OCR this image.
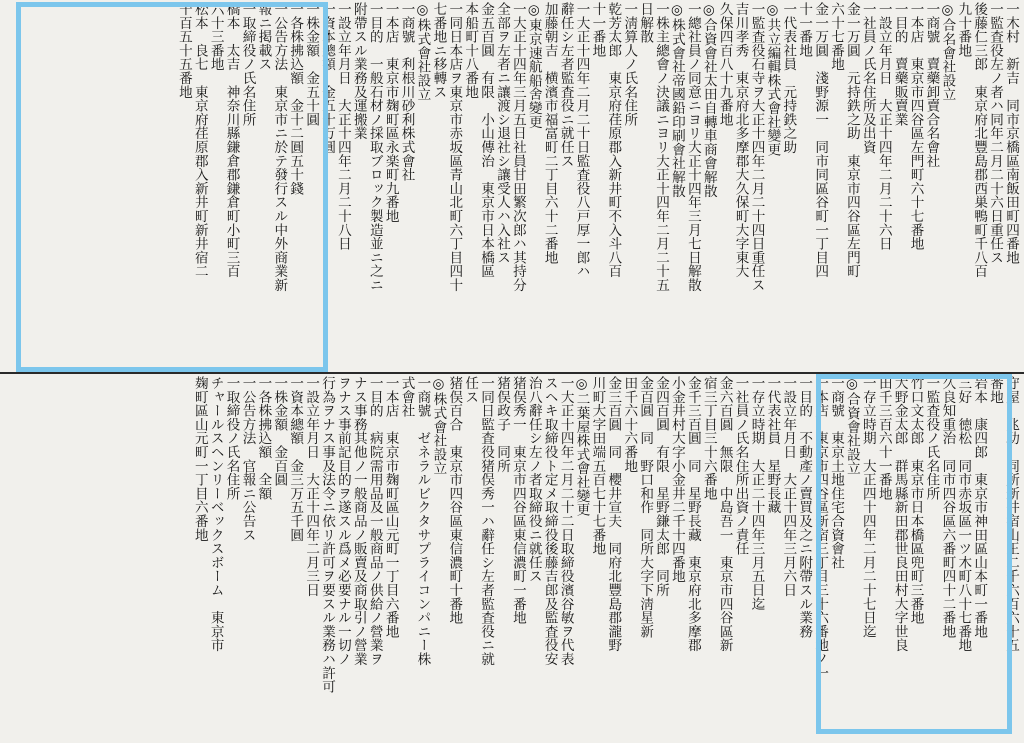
一木村　新吉　同市京橋區南飯田町四番地
一監査役左ノ者ハ同年二月二十六日重任ス
後藤仁三郎　東京府北豐島郡西巣鴨町千八百
九十番地
◎合名會社設立
一商號　賣藥卸賣合名會社
一本店　東京市四谷區左門町六十七番地
一目的　賣藥販賣業
一設立年月日　大正十四年二月二十六日
一社員ノ氏名住所及出資
金一万圓　元持鉄之助　東京市四谷區左門町
六十七番地
金一万圓　淺野源一　同市同區谷町一丁目四
十一番地
一代表社員　元持鉄之助
◎共立編輯株式會社變更
一監査役石寺ヲ大正十四年二月二十四日重任ス
吉川孝秀　東京府北多摩郡大久保町大字東大
久保四百八十九番地
◎合資會社太田自轉車商會解散
一總社員ノ同意ニヨリ大正十四年三月七日解散
◎株式會社帝國鉛印刷會社解散
一株主總會ノ決議ニヨリ大正十四年二月二十五
日解散
一淸算人ノ氏名住所
乾芳太郎　東京府荏原郡入新井町不入斗八百
十一番地
一大正十四年二月二十日監査役八戸厚一郎ハ
辭任シ左者監査役ニ就任ス
加藤朝吉　横濱市福富町二丁目六十二番地
◎東京速航船舍變更
一大正十四年三月五日社員甘田繁次郎ハ其持分
全部ヲ左者ニ讓渡シ退社シ讓受人ハ入社ス
金五百圓　有限　小山傳治　東京市日本橋區
本船町十八番地
一同日本店ヲ東京市赤坂區青山北町六丁目四十
七番地ニ移轉ス
◎株式會社設立
一商號　利根川砂利株式會社
一本店　東京市麹町區永楽町九番地
一目的　一般石材ノ採取ブロック製造並ニ之ニ
附帶スル業務及運搬業
一設立年月日　大正十四年二月二十八日
一資本總額　金五十万圓
一株金額　金五十圓
一各株拂込額　金十二圓五十錢
一公告方法　東京市ニ於テ發行スル中外商業新
報ニ掲載ス
一取締役ノ氏名住所
橋本　太吉　神奈川縣鎌倉郡鎌倉町小町三百
六十三番地
松本　良七　東京府荏原郡入新井町新井宿二
千百五十五番地
守屋　兆助　同所新井宿山王二千六百六十五
番地
岩本　康四郎　東京市神田區山本町一番地
三好　徳松　同市赤坂區一ツ木町八十七番地
久良知重治　同市四谷區六番町四十二番地
一監査役ノ氏名住所
竹口文太郎　東京市日本橋區兜町三番地
大野金太郎　群馬縣新田郡世良田村大字世良
田千三百六十一番地
一存立時期　大正四十四年二月二十七日迄
◎合資會社設立
一商號　東京土地住宅合資會社
一本店　東京市四谷區新宿三丁目三十六番地ノ一
一目的　不動產ノ賣買及之ニ附帶スル業務
一設立年月日　大正十四年三月六日
一代表社員　星野長藏
一存立時期　大正二十四年三月五日迄
一社員ノ氏名住所出資ノ責任
金六百圓　無限　中島吾一　東京市四谷區新
宿三丁目三十六番地
金千三百圓　同　星野長藏　東京府北多摩郡
小金井村大字小金井二千十四番地
金四百圓　有限　星野鎌太郎　同所
金百圓　同　野口和作　同所大字下淸星新
田千六十六番地
金三百圓　同　櫻井宣夫　同府北豐島郡瀧野
川町大字田端五百七十七番地
◎二葉屋株式會社變更
一大正十四年二月二十二日取締役濱谷敏ヲ代表
スヘキ取締役ト定メ取締役後藤吉郎及監査役安
治八辭任シ左ノ者取締役ニ就任ス
猪俣秀一　東京市四谷區東信濃町一番地
猪俣政子　同所
一同日監査役猪俣秀一ハ辭任シ左者監査役ニ就
任ス
猪俣百合　東京市四谷區東信濃町十番地
◎株式會社設立
一商號　ゼネラルビクタサプライコンパニー株
式會社
一本店　東京市麹町區山元町一丁目六番地
一目的　病院需用品及一般商品ノ供給ノ營業ヲ
ナス事務其他ノ一般商品ノ販賣及商取引ノ營業
ヲナス事前記目的ヲ遂スル爲メ必要ナル一切ノ
行為ヲナス事及法令ニ依リ許可ヲ要スル業務ハ許可
一設立年月日　大正十四年二月三日
一資本總額　金三万五千圓
一株金額　金百圓
一各株拂込額　全額
一公告方法　官報ニ公告ス
一取締役ノ氏名住所
チャールスヘンリーベックスボーム　東京市
麹町區山元町一丁目六番地
